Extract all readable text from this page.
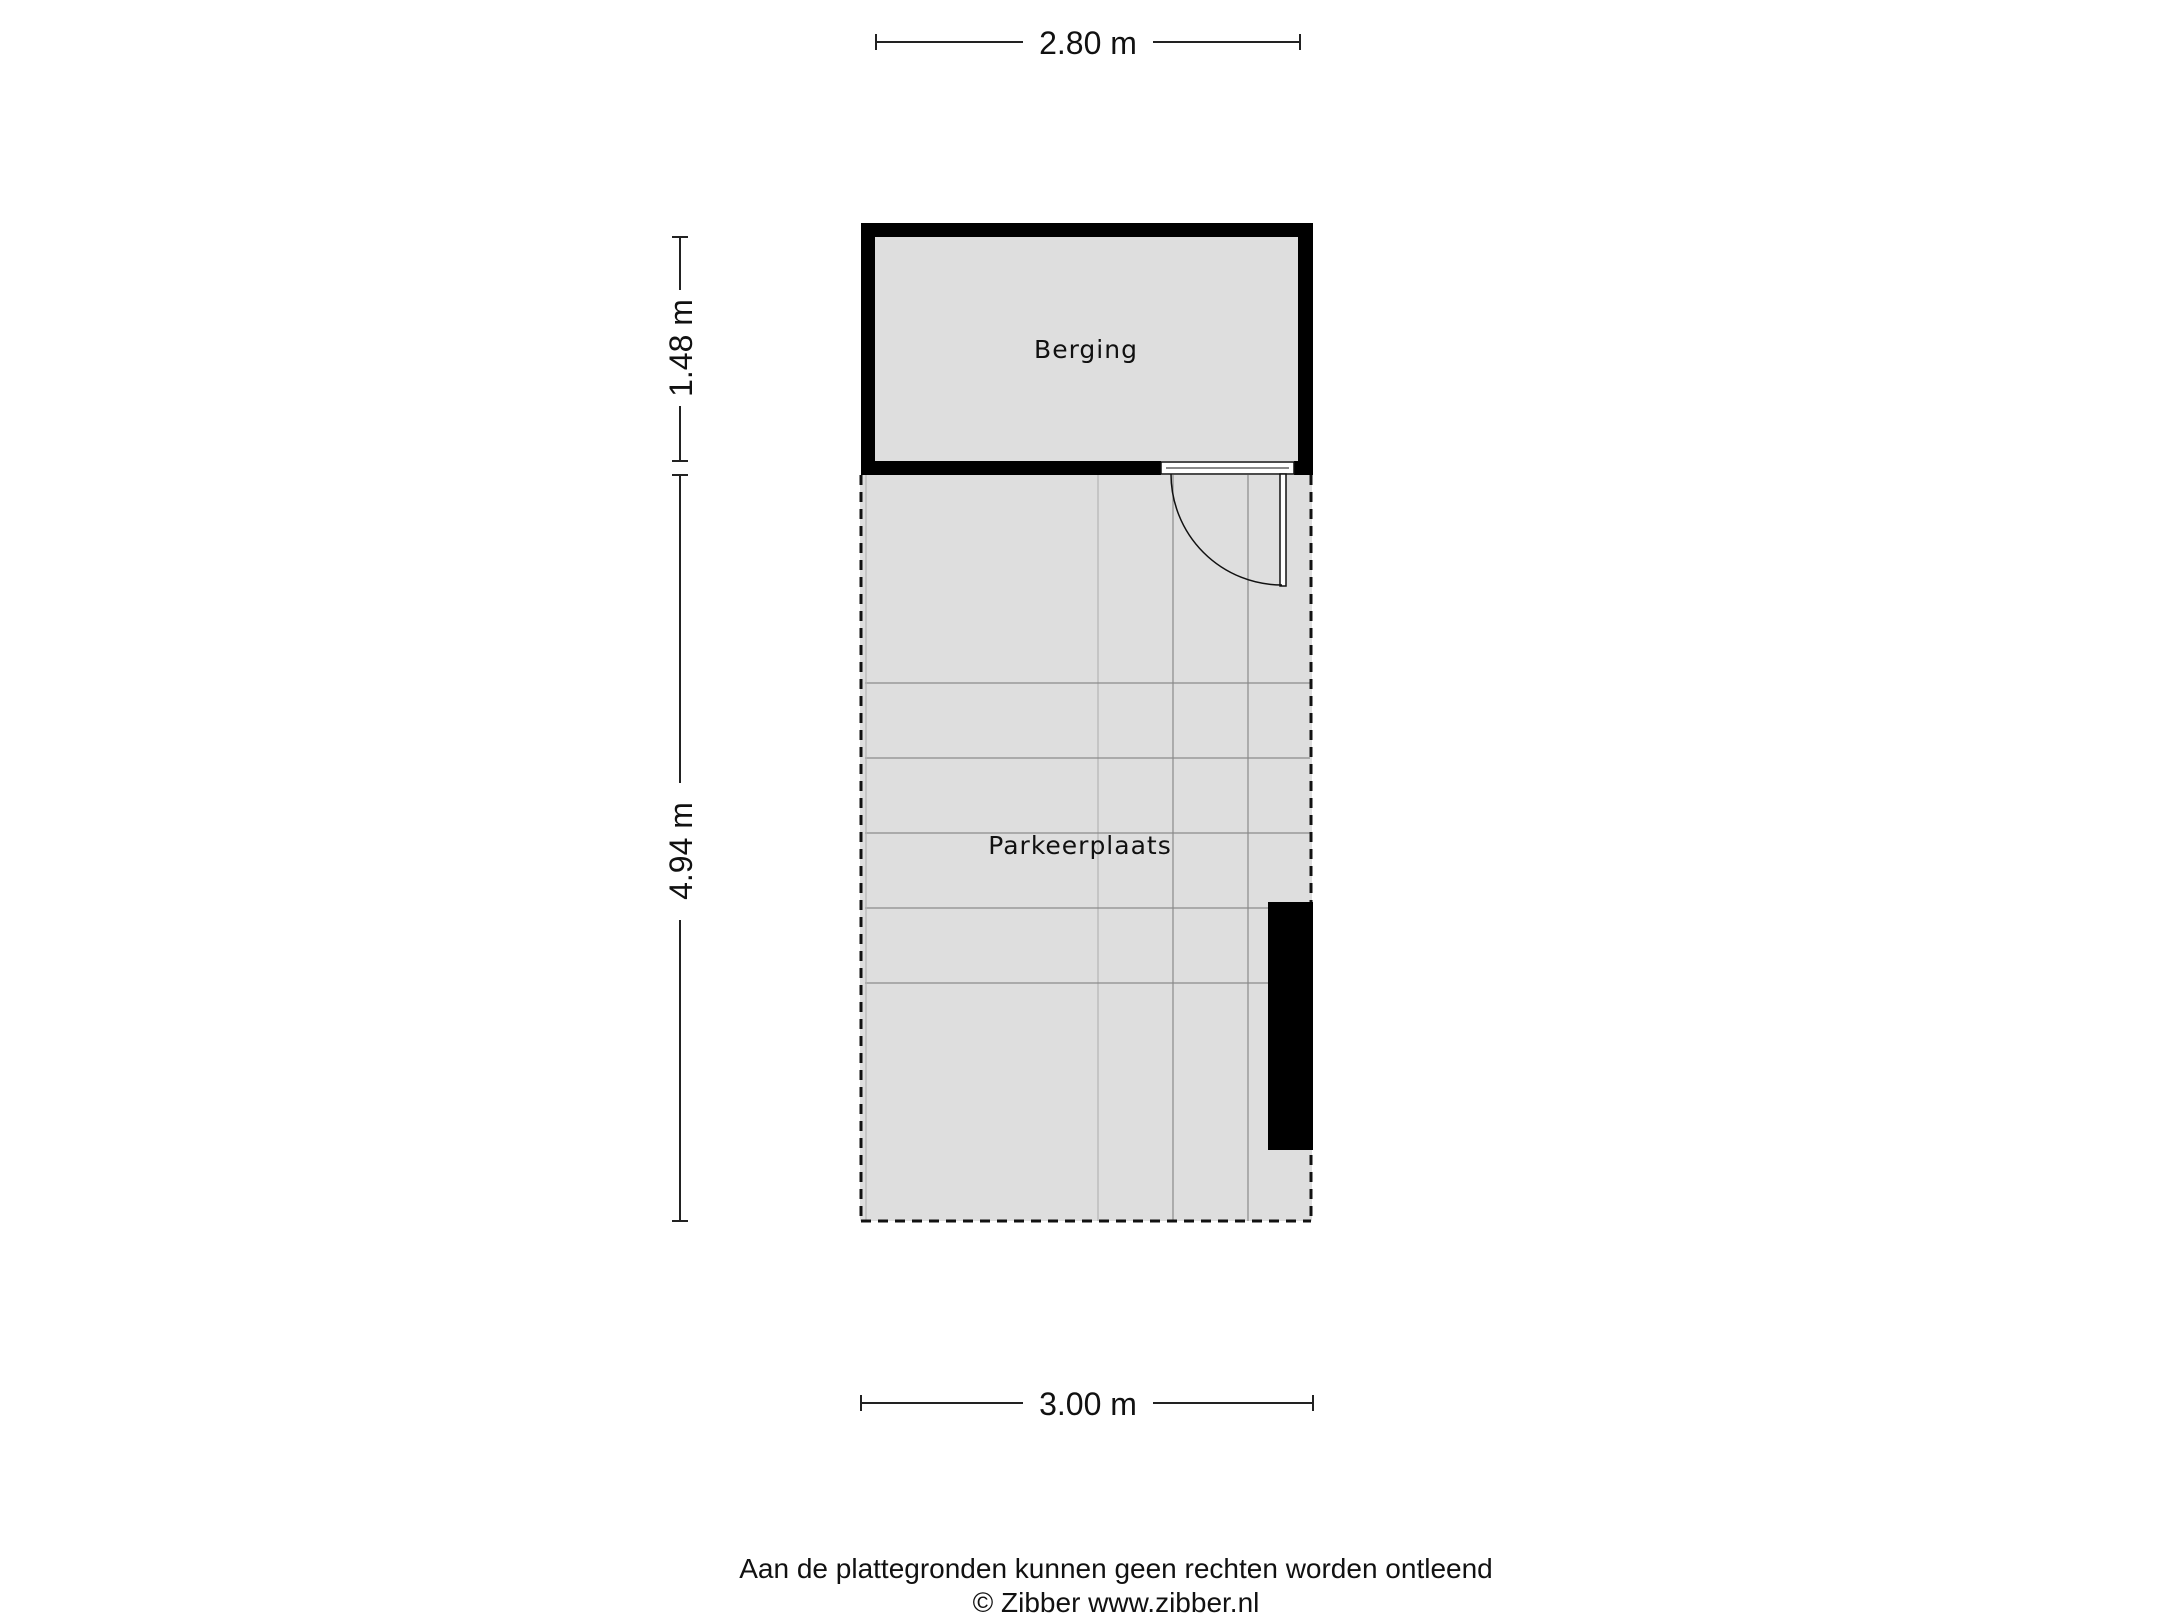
Berging
Parkeerplaats
2.80 m
3.00 m
1.48 m
4.94 m
Aan de plattegronden kunnen geen rechten worden ontleend
© Zibber www.zibber.nl
